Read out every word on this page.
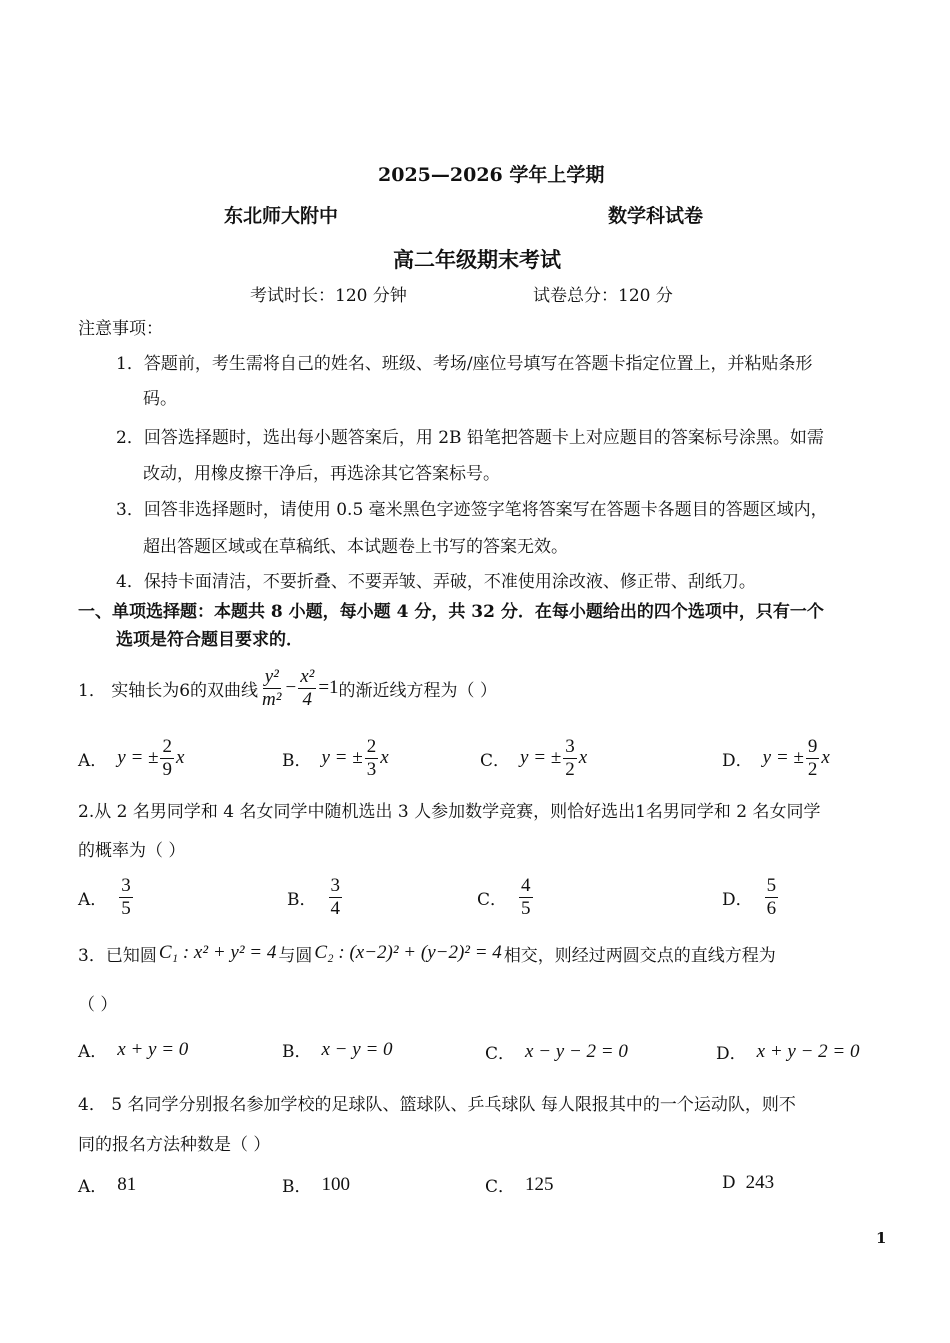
2025—2026 学年上学期
东北师大附中	数学科试卷
高二年级期末考试
考试时长：120 分钟	试卷总分：120 分
注意事项：
1．答题前，考生需将自己的姓名、班级、考场/座位号填写在答题卡指定位置上，并粘贴条形
码。
2．回答选择题时，选出每小题答案后，用 2B 铅笔把答题卡上对应题目的答案标号涂黑。如需
改动，用橡皮擦干净后，再选涂其它答案标号。
3．回答非选择题时，请使用 0.5 毫米黑色字迹签字笔将答案写在答题卡各题目的答题区域内，
超出答题区域或在草稿纸、本试题卷上书写的答案无效。
4．保持卡面清洁，不要折叠、不要弄皱、弄破，不准使用涂改液、修正带、刮纸刀。
一、单项选择题：本题共 8 小题，每小题 4 分，共 32 分．在每小题给出的四个选项中，只有一个
选项是符合题目要求的．
1． 实轴长为6的双曲线 $\frac{\text{y²}}{\text{m²}} - \frac{\text{x²}}{4} =1$ 的渐近线方程为（ ）
A． y = ± $\frac{2}{9}$ x	B． y = ± $\frac{2}{3}$ x	C． y = ± $\frac{3}{2}$ x	D． y = ± $\frac{9}{2}$ x
2.从 2 名男同学和 4 名女同学中随机选出 3 人参加数学竞赛，则恰好选出1名男同学和 2 名女同学
的概率为（ ）
A． $\frac{3}{5}$	B． $\frac{3}{4}$	C． $\frac{4}{5}$	D． $\frac{5}{6}$
3．已知圆 C₁ : x² + y² = 4 与圆 C₂ : (x−2)² + (y−2)² = 4 相交，则经过两圆交点的直线方程为
（ ）
A． x + y = 0	B． x − y = 0	C． x − y − 2 = 0	D． x + y − 2 = 0
4． 5 名同学分别报名参加学校的足球队、篮球队、乒乓球队 每人限报其中的一个运动队，则不
同的报名方法种数是（ ）
A． 81	B． 100	C． 125	D 243
1
